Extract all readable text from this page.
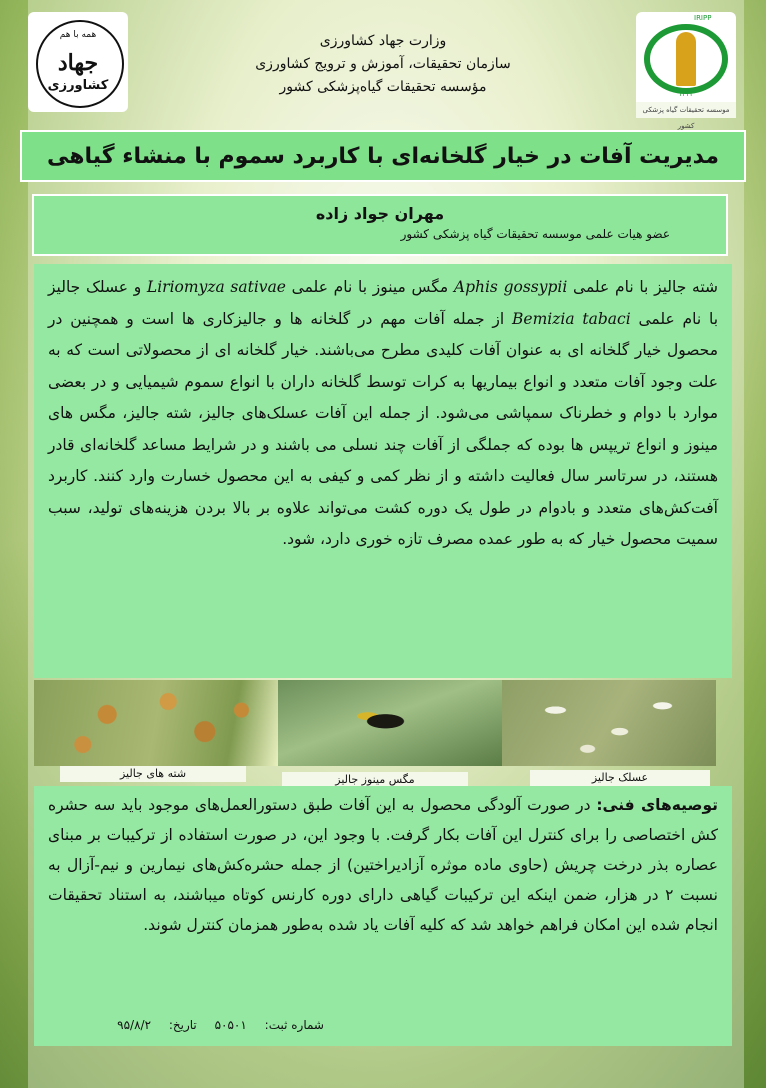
همه با هم
جهاد
کشاورزی
وزارت جهاد کشاورزی
سازمان تحقیقات، آموزش و ترویج کشاورزی
مؤسسه تحقیقات گیاه‌پزشکی کشور
IRIPP
۱۳۲۲
موسسه تحقیقات گیاه پزشکی کشور
مدیریت آفات در خیار گلخانه‌ای با کاربرد سموم با منشاء گیاهی
مهران جواد زاده
عضو هیات علمی موسسه تحقیقات گیاه پزشکی کشور
شته جالیز با نام علمی Aphis gossypii مگس مینوز با نام علمی Liriomyza sativae و عسلک جالیز با نام علمی Bemizia tabaci از جمله آفات مهم در گلخانه ها و جالیزکاری ها است و همچنین در محصول خیار گلخانه ای به عنوان آفات کلیدی مطرح می‌باشند. خیار گلخانه ای از محصولاتی است که به علت وجود آفات متعدد و انواع بیماریها به کرات توسط گلخانه داران با انواع سموم شیمیایی و در بعضی موارد با دوام و خطرناک سمپاشی می‌شود. از جمله این آفات عسلک‌های جالیز، شته جالیز، مگس های مینوز و انواع تریپس ها بوده که جملگی از آفات چند نسلی می باشند و در شرایط مساعد گلخانه‌ای قادر هستند، در سرتاسر سال فعالیت داشته و از نظر کمی و کیفی به این محصول خسارت وارد کنند. کاربرد آفت‌کش‌های متعدد و بادوام در طول یک دوره کشت می‌تواند علاوه بر بالا بردن هزینه‌های تولید، سبب سمیت محصول خیار که به طور عمده مصرف تازه خوری دارد، شود.
شته های جالیز	مگس مینوز جالیز	عسلک جالیز
توصیه‌های فنی: در صورت آلودگی محصول به این آفات طبق دستورالعمل‌های موجود باید سه حشره کش اختصاصی را برای کنترل این آفات بکار گرفت. با وجود این، در صورت استفاده از ترکیبات بر مبنای عصاره بذر درخت چریش (حاوی ماده موثره آزادیراختین) از جمله حشره‌کش‌های نیمارین و نیم-آزال به نسبت ۲ در هزار، ضمن اینکه این ترکیبات گیاهی دارای دوره کارنس کوتاه میباشند، به استناد تحقیقات انجام شده این امکان فراهم خواهد شد که کلیه آفات یاد شده به‌طور همزمان کنترل شوند.
شماره ثبت: ۵۰۵۰۱ تاریخ: ۹۵/۸/۲
